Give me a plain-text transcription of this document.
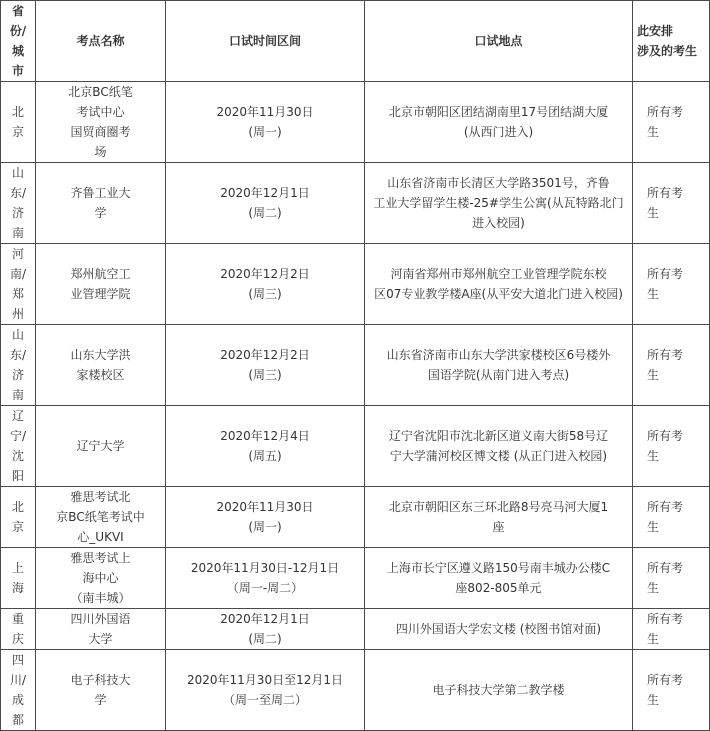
省
份/
城
市	考点名称	口试时间区间	口试地点	此安排
涉及的考生

北
京	北京BC纸笔
考试中心
国贸商圈考
场	2020年11月30日
(周一)	北京市朝阳区团结湖南里17号团结湖大厦
(从西门进入)	所有考
生

山
东/
济
南	齐鲁工业大
学	2020年12月1日
(周二)	山东省济南市长清区大学路3501号，齐鲁
工业大学留学生楼-25#学生公寓(从瓦特路北门
进入校园)	所有考
生

河
南/
郑
州	郑州航空工
业管理学院	2020年12月2日
(周三)	河南省郑州市郑州航空工业管理学院东校
区07专业教学楼A座(从平安大道北门进入校园)	所有考
生

山
东/
济
南	山东大学洪
家楼校区	2020年12月2日
(周三)	山东省济南市山东大学洪家楼校区6号楼外
国语学院(从南门进入考点)	所有考
生

辽
宁/
沈
阳	辽宁大学	2020年12月4日
(周五)	辽宁省沈阳市沈北新区道义南大街58号辽
宁大学蒲河校区博文楼 (从正门进入校园)	所有考
生

北
京	雅思考试北
京BC纸笔考试中
心_UKVI	2020年11月30日
(周一)	北京市朝阳区东三环北路8号亮马河大厦1
座	所有考
生

上
海	雅思考试上
海中心
（南丰城）	2020年11月30日-12月1日
（周一-周二）	上海市长宁区遵义路150号南丰城办公楼C
座802-805单元	所有考
生

重
庆	四川外国语
大学	2020年12月1日
(周二)	四川外国语大学宏文楼 (校图书馆对面)	所有考
生

四
川/
成
都	电子科技大
学	2020年11月30日至12月1日
（周一至周二）	电子科技大学第二教学楼	所有考
生
